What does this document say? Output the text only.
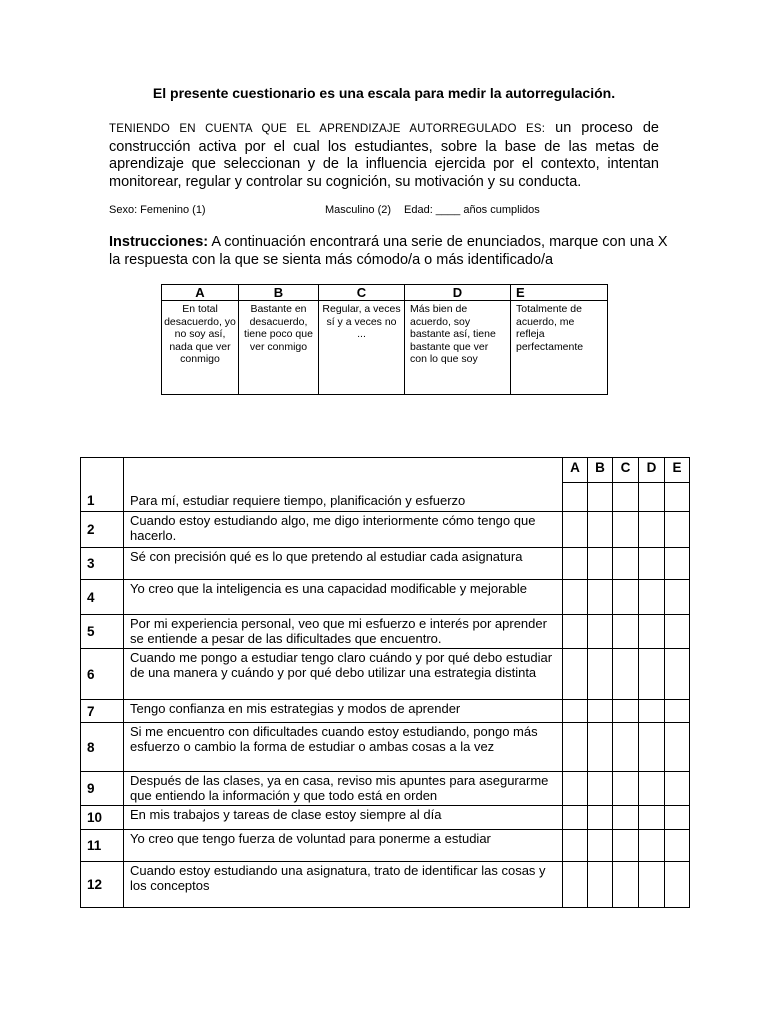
El presente cuestionario es una escala para medir la autorregulación.
TENIENDO EN CUENTA QUE EL APRENDIZAJE AUTORREGULADO ES: un proceso de construcción activa por el cual los estudiantes, sobre la base de las metas de aprendizaje que seleccionan y de la influencia ejercida por el contexto, intentan monitorear, regular y controlar su cognición, su motivación y su conducta.
Sexo: Femenino (1)	Masculino (2) Edad: ____ años cumplidos
Instrucciones: A continuación encontrará una serie de enunciados, marque con una X la respuesta con la que se sienta más cómodo/a o más identificado/a
A	B	C	D	E
En total desacuerdo, yo no soy así, nada que ver conmigo	Bastante en desacuerdo, tiene poco que ver conmigo	Regular, a veces sí y a veces no ...	Más bien de acuerdo, soy bastante así, tiene bastante que ver con lo que soy	Totalmente de acuerdo, me refleja perfectamente
		A	B	C	D	E
1	Para mí, estudiar requiere tiempo, planificación y esfuerzo					
2	Cuando estoy estudiando algo, me digo interiormente cómo tengo que hacerlo.					
3	Sé con precisión qué es lo que pretendo al estudiar cada asignatura					
4	Yo creo que la inteligencia es una capacidad modificable y mejorable					
5	Por mi experiencia personal, veo que mi esfuerzo e interés por aprender se entiende a pesar de las dificultades que encuentro.					
6	Cuando me pongo a estudiar tengo claro cuándo y por qué debo estudiar de una manera y cuándo y por qué debo utilizar una estrategia distinta					
7	Tengo confianza en mis estrategias y modos de aprender					
8	Si me encuentro con dificultades cuando estoy estudiando, pongo más esfuerzo o cambio la forma de estudiar o ambas cosas a la vez					
9	Después de las clases, ya en casa, reviso mis apuntes para asegurarme que entiendo la información y que todo está en orden					
10	En mis trabajos y tareas de clase estoy siempre al día					
11	Yo creo que tengo fuerza de voluntad para ponerme a estudiar					
12	Cuando estoy estudiando una asignatura, trato de identificar las cosas y los conceptos					
